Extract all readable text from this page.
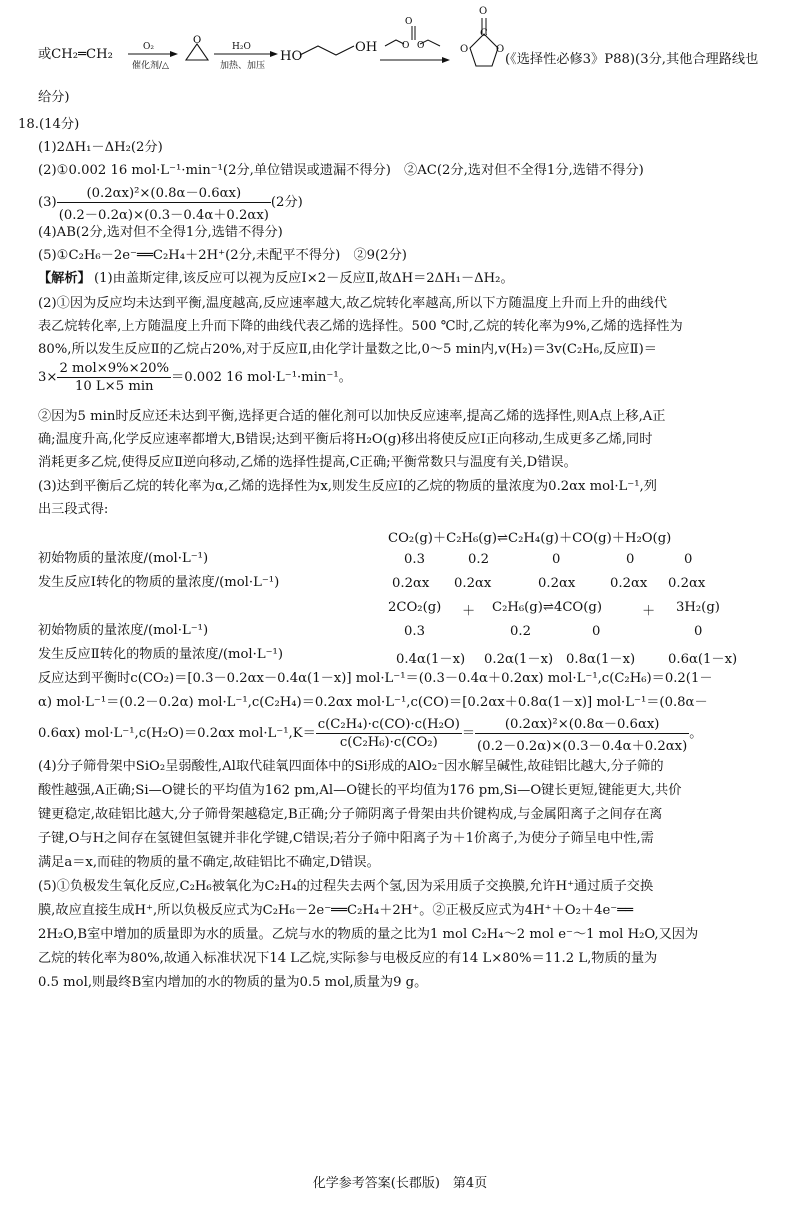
或CH₂═CH₂
O
O
O O
O₂
催化剂/△
H₂O
加热、加压
HO
OH	O	O
C
O
(《选择性必修3》P88)(3分,其他合理路线也
给分)
18.(14分)
(1)2ΔH₁－ΔH₂(2分)
(2)①0.002 16 mol·L⁻¹·min⁻¹(2分,单位错误或遗漏不得分)　②AC(2分,选对但不全得1分,选错不得分)
$(3) \frac{\text{(0.2αx)²×(0.8α－0.6αx)}}{(0.2-0.2\alpha)\times(0.3-0.4\alpha+0.2\alpha x)} (2$分)
(4)AB(2分,选对但不全得1分,选错不得分)
(5)①C₂H₆－2e⁻══C₂H₄＋2H⁺(2分,未配平不得分)　②9(2分)
【解析】 (1)由盖斯定律,该反应可以视为反应Ⅰ×2－反应Ⅱ,故ΔH＝2ΔH₁－ΔH₂。
(2)①因为反应均未达到平衡,温度越高,反应速率越大,故乙烷转化率越高,所以下方随温度上升而上升的曲线代
表乙烷转化率,上方随温度上升而下降的曲线代表乙烯的选择性。500 ℃时,乙烷的转化率为9%,乙烯的选择性为
80%,所以发生反应Ⅱ的乙烷占20%,对于反应Ⅱ,由化学计量数之比,0～5 min内,v(H₂)＝3v(C₂H₆,反应Ⅱ)＝
$3\times \frac{\text{2 mol×9\%×20\%}}{10 L\times 5 \min} =0.002$ 16 mol·L⁻¹·min⁻¹。
②因为5 min时反应还未达到平衡,选择更合适的催化剂可以加快反应速率,提高乙烯的选择性,则A点上移,A正
确;温度升高,化学反应速率都增大,B错误;达到平衡后将H₂O(g)移出将使反应Ⅰ正向移动,生成更多乙烯,同时
消耗更多乙烷,使得反应Ⅱ逆向移动,乙烯的选择性提高,C正确;平衡常数只与温度有关,D错误。
(3)达到平衡后乙烷的转化率为α,乙烯的选择性为x,则发生反应Ⅰ的乙烷的物质的量浓度为0.2αx mol·L⁻¹,列
出三段式得:
CO₂(g)＋C₂H₆(g)⇌C₂H₄(g)＋CO(g)＋H₂O(g)
初始物质的量浓度/(mol·L⁻¹)	0.3	0.2	0	0	0
发生反应Ⅰ转化的物质的量浓度/(mol·L⁻¹)	0.2αx 0.2αx	0.2αx	0.2αx 0.2αx
2CO₂(g) ＋ C₂H₆(g)⇌4CO(g)	＋ 3H₂(g)
初始物质的量浓度/(mol·L⁻¹)	0.3	0.2	0	0
发生反应Ⅱ转化的物质的量浓度/(mol·L⁻¹)	0.4α(1－x) 0.2α(1－x) 0.8α(1－x) 0.6α(1－x)
反应达到平衡时c(CO₂)＝[0.3－0.2αx－0.4α(1－x)] mol·L⁻¹＝(0.3－0.4α＋0.2αx) mol·L⁻¹,c(C₂H₆)＝0.2(1－
α) mol·L⁻¹＝(0.2－0.2α) mol·L⁻¹,c(C₂H₄)＝0.2αx mol·L⁻¹,c(CO)＝[0.2αx＋0.8α(1－x)] mol·L⁻¹＝(0.8α－
0.6αx) mol·L⁻¹,c(H₂O)＝0.2αx $mol\cdot L^{-1},K= \frac{\text{c(C₂H₄)·c(CO)·c(H₂O)}}{\text{c(C₂H₆)·c(CO₂)}} = \frac{\text{(0.2αx)²×(0.8α－0.6αx)}}{(0.2-0.2\alpha)\times(0.3-0.4\alpha+0.2\alpha x)}$ 。
(4)分子筛骨架中SiO₂呈弱酸性,Al取代硅氧四面体中的Si形成的AlO₂⁻因水解呈碱性,故硅铝比越大,分子筛的
酸性越强,A正确;Si—O键长的平均值为162 pm,Al—O键长的平均值为176 pm,Si—O键长更短,键能更大,共价
键更稳定,故硅铝比越大,分子筛骨架越稳定,B正确;分子筛阴离子骨架由共价键构成,与金属阳离子之间存在离
子键,O与H之间存在氢键但氢键并非化学键,C错误;若分子筛中阳离子为＋1价离子,为使分子筛呈电中性,需
满足a＝x,而硅的物质的量不确定,故硅铝比不确定,D错误。
(5)①负极发生氧化反应,C₂H₆被氧化为C₂H₄的过程失去两个氢,因为采用质子交换膜,允许H⁺通过质子交换
膜,故应直接生成H⁺,所以负极反应式为C₂H₆－2e⁻══C₂H₄＋2H⁺。②正极反应式为4H⁺＋O₂＋4e⁻══
2H₂O,B室中增加的质量即为水的质量。乙烷与水的物质的量之比为1 mol C₂H₄～2 mol e⁻～1 mol H₂O,又因为
乙烷的转化率为80%,故通入标准状况下14 L乙烷,实际参与电极反应的有14 L×80%＝11.2 L,物质的量为
0.5 mol,则最终B室内增加的水的物质的量为0.5 mol,质量为9 g。
化学参考答案(长郡版)　第4页
